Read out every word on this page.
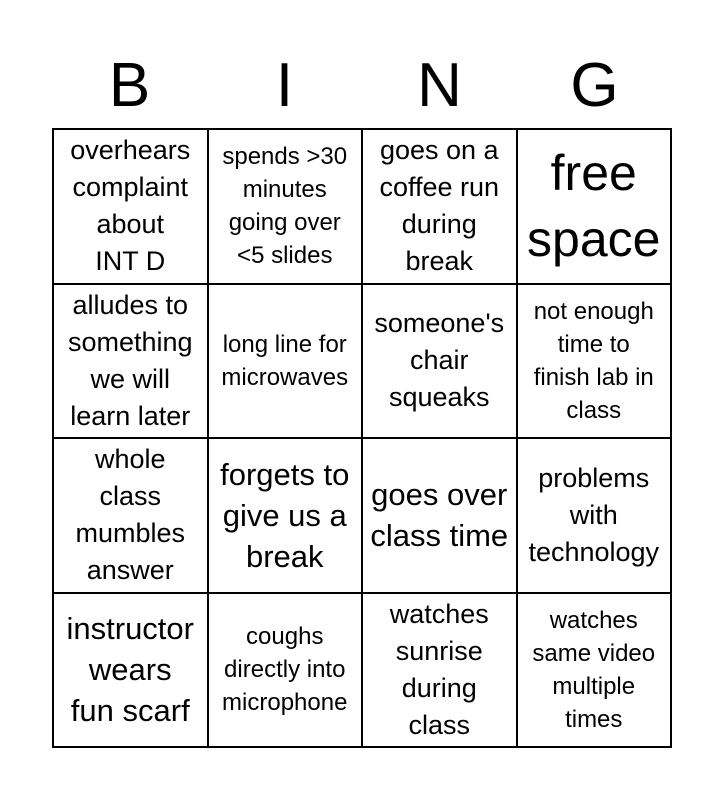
B	I	N	G
overhears
complaint
about
INT D
spends >30
minutes
going over
<5 slides
goes on a
coffee run
during
break
free
space
alludes to
something
we will
learn later
long line for
microwaves
someone's
chair
squeaks
not enough
time to
finish lab in
class
whole
class
mumbles
answer
forgets to
give us a
break
goes over
class time
problems
with
technology
instructor
wears
fun scarf
coughs
directly into
microphone
watches
sunrise
during
class
watches
same video
multiple
times
